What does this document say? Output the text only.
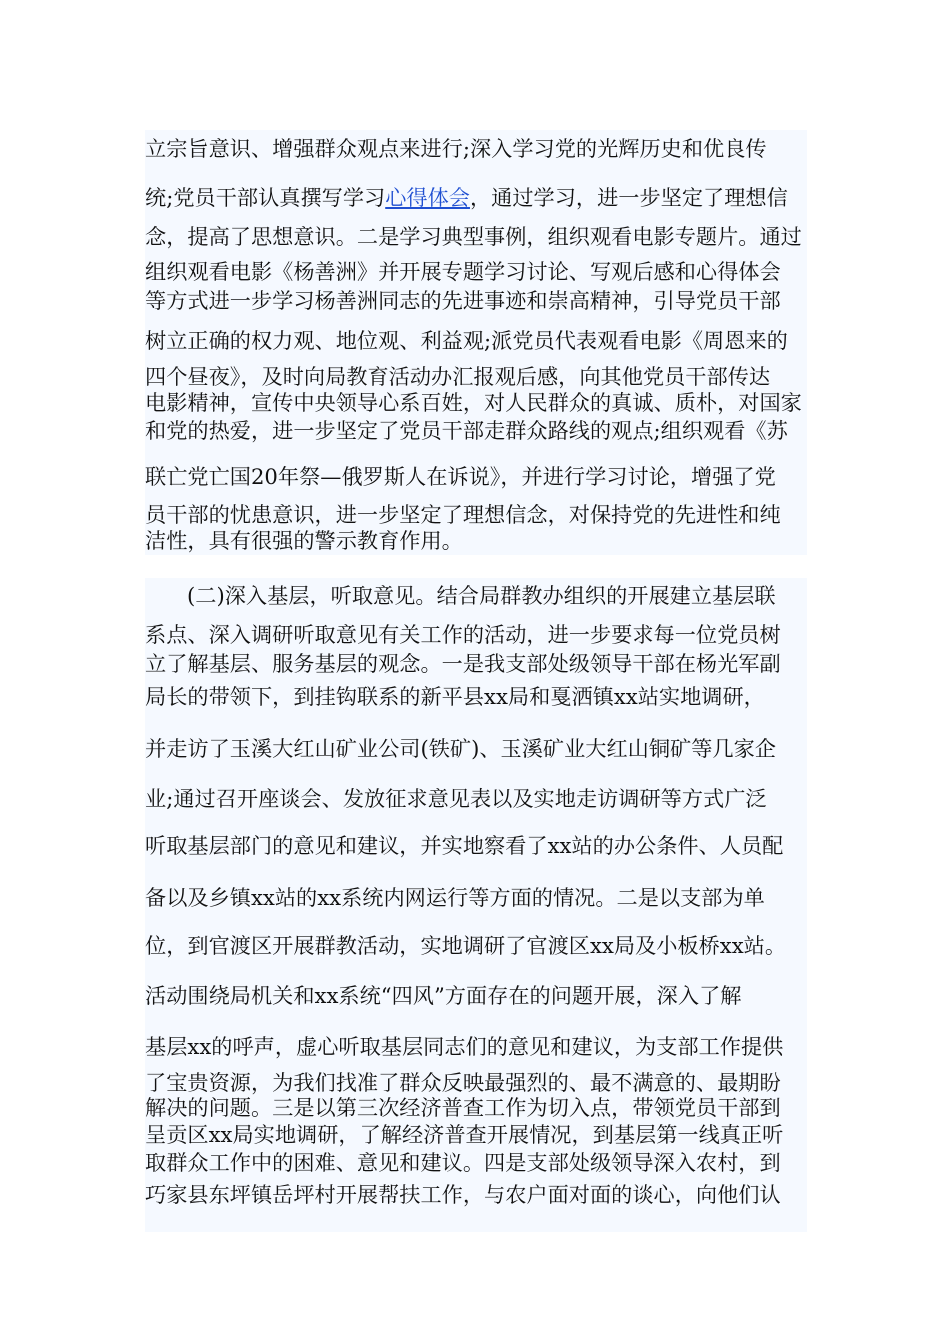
立宗旨意识、增强群众观点来进行;深入学习党的光辉历史和优良传
统;党员干部认真撰写学习心得体会，通过学习，进一步坚定了理想信
念，提高了思想意识。二是学习典型事例，组织观看电影专题片。通过
组织观看电影《杨善洲》并开展专题学习讨论、写观后感和心得体会
等方式进一步学习杨善洲同志的先进事迹和崇高精神，引导党员干部
树立正确的权力观、地位观、利益观;派党员代表观看电影《周恩来的
四个昼夜》，及时向局教育活动办汇报观后感，向其他党员干部传达
电影精神，宣传中央领导心系百姓，对人民群众的真诚、质朴，对国家
和党的热爱，进一步坚定了党员干部走群众路线的观点;组织观看《苏
联亡党亡国20年祭—俄罗斯人在诉说》，并进行学习讨论，增强了党
员干部的忧患意识，进一步坚定了理想信念，对保持党的先进性和纯
洁性，具有很强的警示教育作用。
(二)深入基层，听取意见。结合局群教办组织的开展建立基层联
系点、深入调研听取意见有关工作的活动，进一步要求每一位党员树
立了解基层、服务基层的观念。一是我支部处级领导干部在杨光军副
局长的带领下，到挂钩联系的新平县xx局和戛洒镇xx站实地调研，
并走访了玉溪大红山矿业公司(铁矿)、玉溪矿业大红山铜矿等几家企
业;通过召开座谈会、发放征求意见表以及实地走访调研等方式广泛
听取基层部门的意见和建议，并实地察看了xx站的办公条件、人员配
备以及乡镇xx站的xx系统内网运行等方面的情况。二是以支部为单
位，到官渡区开展群教活动，实地调研了官渡区xx局及小板桥xx站。
活动围绕局机关和xx系统“四风”方面存在的问题开展，深入了解
基层xx的呼声，虚心听取基层同志们的意见和建议，为支部工作提供
了宝贵资源，为我们找准了群众反映最强烈的、最不满意的、最期盼
解决的问题。三是以第三次经济普查工作为切入点，带领党员干部到
呈贡区xx局实地调研，了解经济普查开展情况，到基层第一线真正听
取群众工作中的困难、意见和建议。四是支部处级领导深入农村，到
巧家县东坪镇岳坪村开展帮扶工作，与农户面对面的谈心，向他们认
